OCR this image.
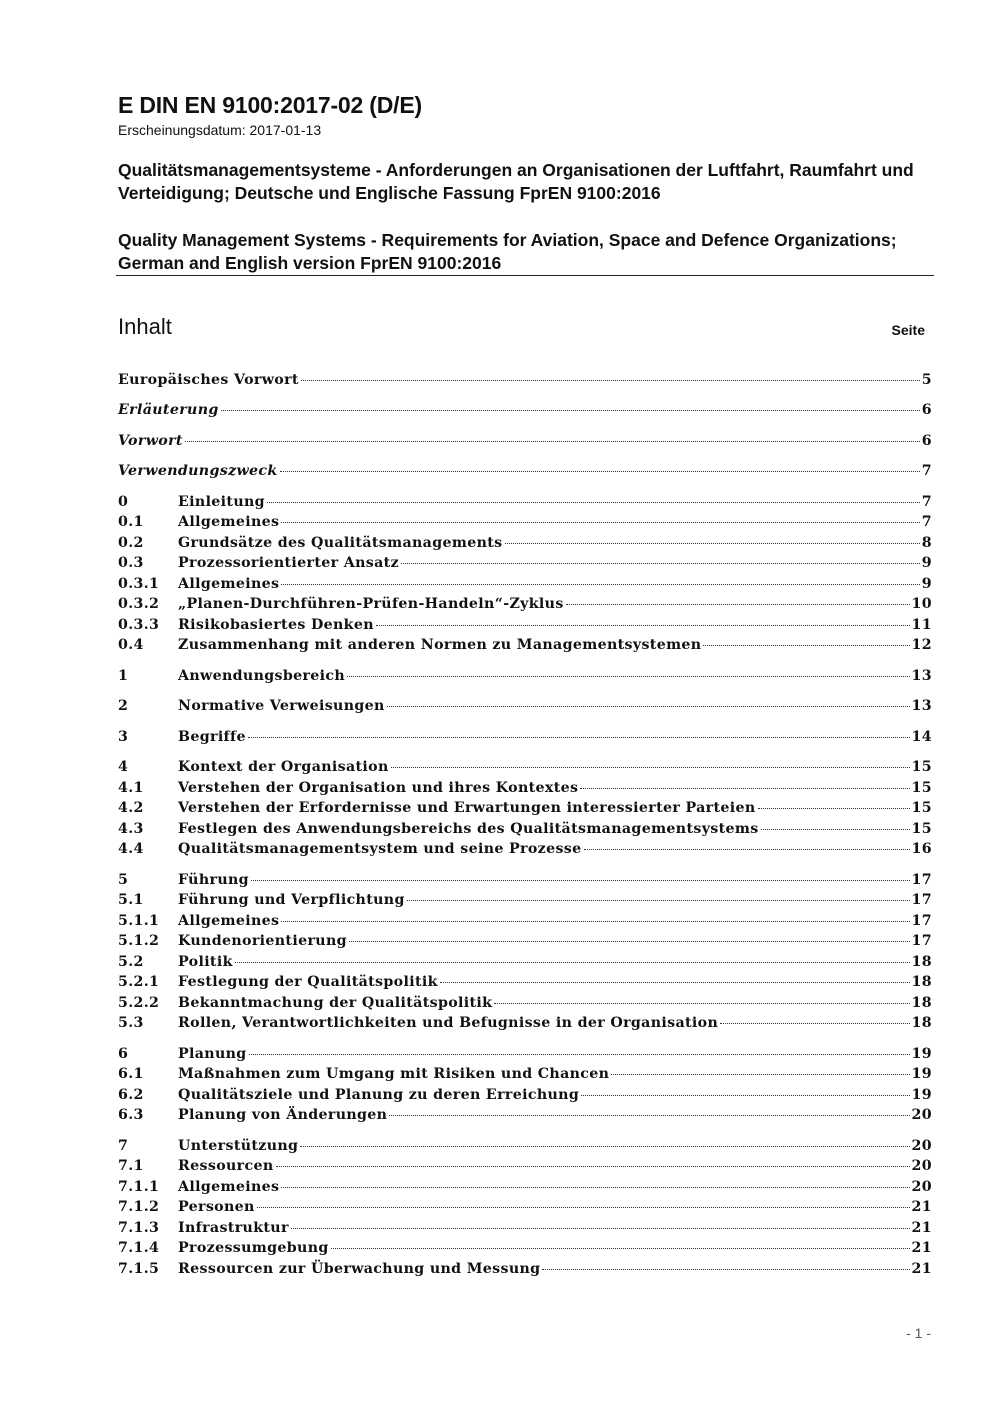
E DIN EN 9100:2017-02 (D/E)
Erscheinungsdatum: 2017-01-13
Qualitätsmanagementsysteme - Anforderungen an Organisationen der Luftfahrt, Raumfahrt und Verteidigung; Deutsche und Englische Fassung FprEN 9100:2016
Quality Management Systems - Requirements for Aviation, Space and Defence Organizations; German and English version FprEN 9100:2016
Inhalt	Seite
Europäisches Vorwort	5
Erläuterung	6
Vorwort	6
Verwendungszweck	7
0	Einleitung	7
0.1	Allgemeines	7
0.2	Grundsätze des Qualitätsmanagements	8
0.3	Prozessorientierter Ansatz	9
0.3.1	Allgemeines	9
0.3.2	„Planen-Durchführen-Prüfen-Handeln“-Zyklus	10
0.3.3	Risikobasiertes Denken	11
0.4	Zusammenhang mit anderen Normen zu Managementsystemen	12
1	Anwendungsbereich	13
2	Normative Verweisungen	13
3	Begriffe	14
4	Kontext der Organisation	15
4.1	Verstehen der Organisation und ihres Kontextes	15
4.2	Verstehen der Erfordernisse und Erwartungen interessierter Parteien	15
4.3	Festlegen des Anwendungsbereichs des Qualitätsmanagementsystems	15
4.4	Qualitätsmanagementsystem und seine Prozesse	16
5	Führung	17
5.1	Führung und Verpflichtung	17
5.1.1	Allgemeines	17
5.1.2	Kundenorientierung	17
5.2	Politik	18
5.2.1	Festlegung der Qualitätspolitik	18
5.2.2	Bekanntmachung der Qualitätspolitik	18
5.3	Rollen, Verantwortlichkeiten und Befugnisse in der Organisation	18
6	Planung	19
6.1	Maßnahmen zum Umgang mit Risiken und Chancen	19
6.2	Qualitätsziele und Planung zu deren Erreichung	19
6.3	Planung von Änderungen	20
7	Unterstützung	20
7.1	Ressourcen	20
7.1.1	Allgemeines	20
7.1.2	Personen	21
7.1.3	Infrastruktur	21
7.1.4	Prozessumgebung	21
7.1.5	Ressourcen zur Überwachung und Messung	21
- 1 -
